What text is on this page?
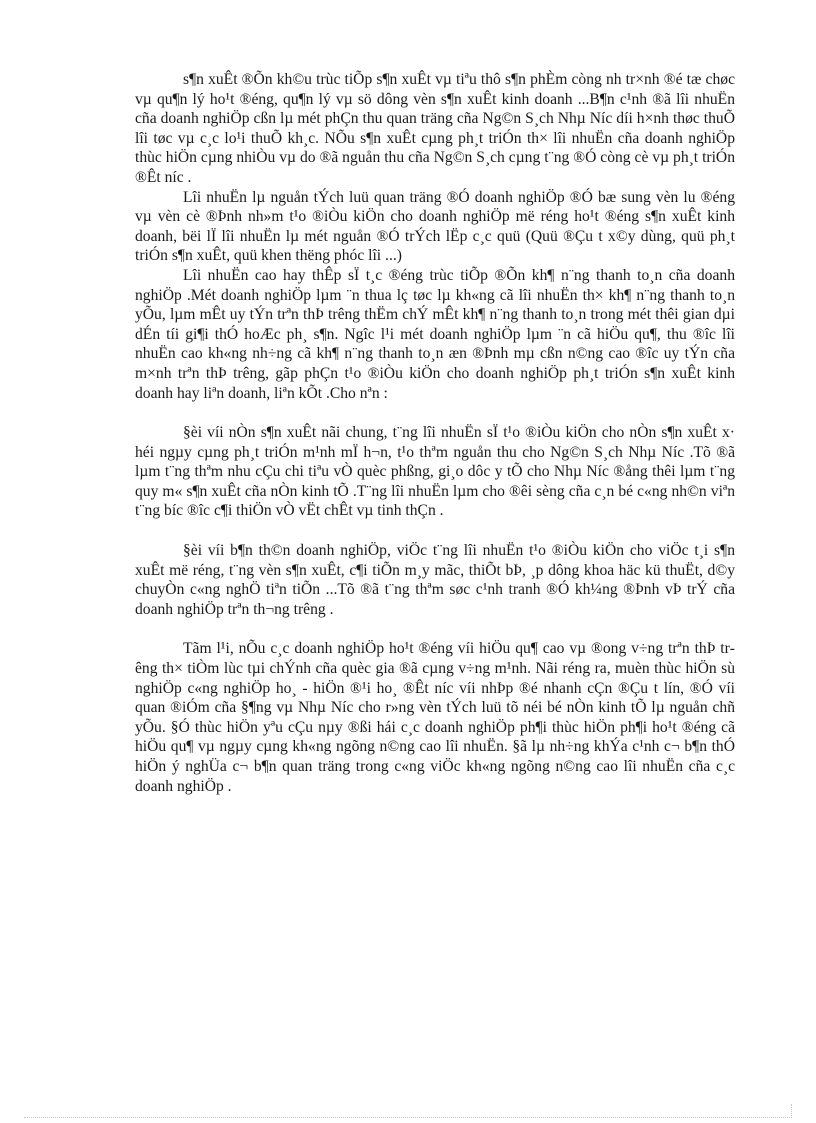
s¶n xuÊt ®Õn kh©u trùc tiÕp s¶n xuÊt vµ tiªu thô s¶n phÈm còng nh tr×nh ®é tæ chøc vµ qu¶n lý ho¹t ®éng, qu¶n lý vµ sö dông vèn s¶n xuÊt kinh doanh ...B¶n c¹nh ®ã lîi nhuËn cña doanh nghiÖp cßn lµ mét phÇn thu quan träng cña Ng©n S¸ch Nhµ Níc díi h×nh thøc thuÕ lîi tøc vµ c¸c lo¹i thuÕ kh¸c. NÕu s¶n xuÊt cµng ph¸t triÓn th× lîi nhuËn cña doanh nghiÖp thùc hiÖn cµng nhiÒu vµ do ®ã nguån thu cña Ng©n S¸ch cµng t¨ng ®Ó còng cè vµ ph¸t triÓn ®Êt níc .

Lîi nhuËn lµ nguån tÝch luü quan träng ®Ó doanh nghiÖp ®Ó bæ sung vèn lu ®éng vµ vèn cè ®Þnh nh»m t¹o ®iÒu kiÖn cho doanh nghiÖp më réng ho¹t ®éng s¶n xuÊt kinh doanh, bëi lÏ lîi nhuËn lµ mét nguån ®Ó trÝch lËp c¸c quü (Quü ®Çu t x©y dùng, quü ph¸t triÓn s¶n xuÊt, quü khen thëng phóc lîi ...)

Lîi nhuËn cao hay thÊp sÏ t¸c ®éng trùc tiÕp ®Õn kh¶ n¨ng thanh to¸n cña doanh nghiÖp .Mét doanh nghiÖp lµm ¨n thua lç tøc lµ kh«ng cã lîi nhuËn th× kh¶ n¨ng thanh to¸n yÕu, lµm mÊt uy tÝn trªn thÞ trêng thËm chÝ mÊt kh¶ n¨ng thanh to¸n trong mét thêi gian dµi dÉn tíi gi¶i thÓ hoÆc ph¸ s¶n. Ngîc l¹i mét doanh nghiÖp lµm ¨n cã hiÖu qu¶, thu ®îc lîi nhuËn cao kh«ng nh÷ng cã kh¶ n¨ng thanh to¸n æn ®Þnh mµ cßn n©ng cao ®îc uy tÝn cña m×nh trªn thÞ trêng, gãp phÇn t¹o ®iÒu kiÖn cho doanh nghiÖp ph¸t triÓn s¶n xuÊt kinh doanh hay liªn doanh, liªn kÕt .Cho nªn :

§èi víi nÒn s¶n xuÊt nãi chung, t¨ng lîi nhuËn sÏ t¹o ®iÒu kiÖn cho nÒn s¶n xuÊt x· héi ngµy cµng ph¸t triÓn m¹nh mÏ h¬n, t¹o thªm nguån thu cho Ng©n S¸ch Nhµ Níc .Tõ ®ã lµm t¨ng thªm nhu cÇu chi tiªu vÒ quèc phßng, gi¸o dôc y tÕ cho Nhµ Níc ®ång thêi lµm t¨ng quy m« s¶n xuÊt cña nÒn kinh tÕ .T¨ng lîi nhuËn lµm cho ®êi sèng cña c¸n bé c«ng nh©n viªn t¨ng bíc ®îc c¶i thiÖn vÒ vËt chÊt vµ tinh thÇn .

§èi víi b¶n th©n doanh nghiÖp, viÖc t¨ng lîi nhuËn t¹o ®iÒu kiÖn cho viÖc t¸i s¶n xuÊt më réng, t¨ng vèn s¶n xuÊt, c¶i tiÕn m¸y mãc, thiÕt bÞ, ¸p dông khoa häc kü thuËt, d©y chuyÒn c«ng nghÖ tiªn tiÕn ...Tõ ®ã t¨ng thªm søc c¹nh tranh ®Ó kh¼ng ®Þnh vÞ trÝ cña doanh nghiÖp trªn th¬ng trêng .

Tãm l¹i, nÕu c¸c doanh nghiÖp ho¹t ®éng víi hiÖu qu¶ cao vµ ®ong v÷ng trªn thÞ trêng th× tiÒm lùc tµi chÝnh cña quèc gia ®ã cµng v÷ng m¹nh. Nãi réng ra, muèn thùc hiÖn sù nghiÖp c«ng nghiÖp ho¸ - hiÖn ®¹i ho¸ ®Êt níc víi nhÞp ®é nhanh cÇn ®Çu t lín, ®Ó víi quan ®iÓm cña §¶ng vµ Nhµ Níc cho r»ng vèn tÝch luü tõ néi bé nÒn kinh tÕ lµ nguån chñ yÕu. §Ó thùc hiÖn yªu cÇu nµy ®ßi hái c¸c doanh nghiÖp ph¶i thùc hiÖn ph¶i ho¹t ®éng cã hiÖu qu¶ vµ ngµy cµng kh«ng ngõng n©ng cao lîi nhuËn. §ã lµ nh÷ng khÝa c¹nh c¬ b¶n thÓ hiÖn ý nghÜa c¬ b¶n quan träng trong c«ng viÖc kh«ng ngõng n©ng cao lîi nhuËn cña c¸c doanh nghiÖp .
